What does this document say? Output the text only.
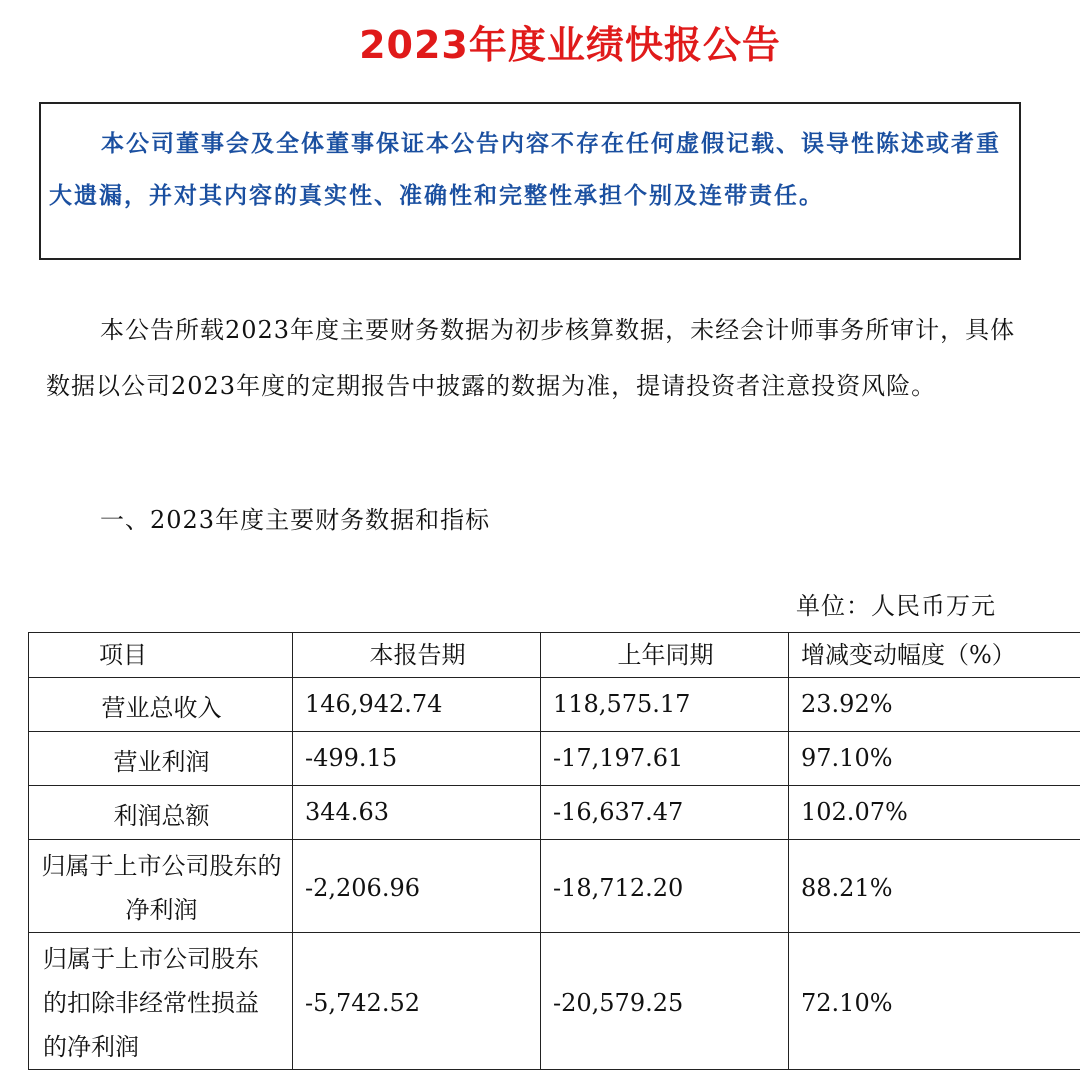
2023年度业绩快报公告
本公司董事会及全体董事保证本公告内容不存在任何虚假记载、误导性陈述或者重大遗漏，并对其内容的真实性、准确性和完整性承担个别及连带责任。
本公告所载2023年度主要财务数据为初步核算数据，未经会计师事务所审计，具体数据以公司2023年度的定期报告中披露的数据为准，提请投资者注意投资风险。
一、2023年度主要财务数据和指标
单位：人民币万元
项目	本报告期	上年同期	增减变动幅度（%）
营业总收入	146,942.74	118,575.17	23.92%
营业利润	-499.15	-17,197.61	97.10%
利润总额	344.63	-16,637.47	102.07%
归属于上市公司股东的净利润	-2,206.96	-18,712.20	88.21%
归属于上市公司股东的扣除非经常性损益的净利润	-5,742.52	-20,579.25	72.10%
